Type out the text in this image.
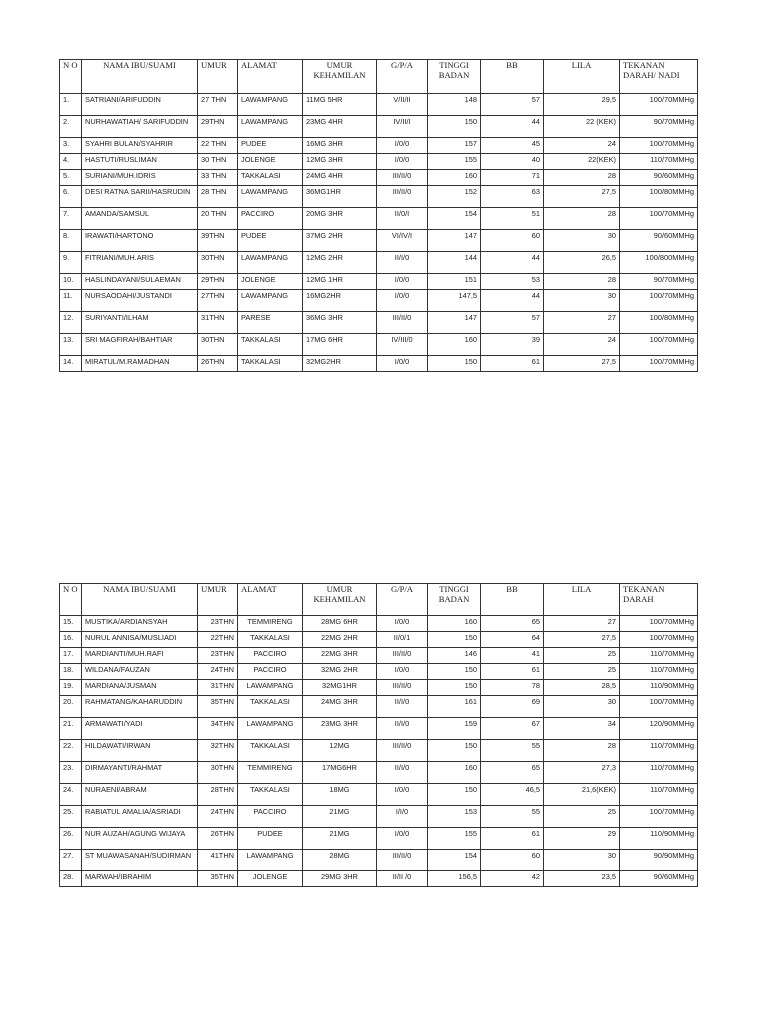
N O	NAMA IBU/SUAMI	UMUR	ALAMAT	UMUR KEHAMILAN	G/P/A	TINGGI BADAN	BB	LILA	TEKANAN DARAH/ NADI
1.	SATRIANI/ARIFUDDIN	27 THN	LAWAMPANG	11MG 5HR	V/II/II	148	57	29,5	100/70MMHg
2.	NURHAWATIAH/ SARIFUDDIN	29THN	LAWAMPANG	23MG 4HR	IV/II/I	150	44	22 (KEK)	90/70MMHg
3.	SYAHRI BULAN/SYAHRIR	22 THN	PUDEE	16MG 3HR	I/0/0	157	45	24	100/70MMHg
4.	HASTUTI/RUSLIMAN	30 THN	JOLENGE	12MG 3HR	I/0/0	155	40	22(KEK)	110/70MMHg
5.	SURIANI/MUH.IDRIS	33 THN	TAKKALASI	24MG 4HR	III/II/0	160	71	28	90/60MMHg
6.	DESI RATNA SARII/HASRUDIN	28 THN	LAWAMPANG	36MG1HR	III/II/0	152	63	27,5	100/80MMHg
7.	AMANDA/SAMSUL	20 THN	PACCIRO	20MG 3HR	II/0/I	154	51	28	100/70MMHg
8.	IRAWATI/HARTONO	39THN	PUDEE	37MG 2HR	VI/IV/I	147	60	30	90/60MMHg
9.	FITRIANI/MUH.ARIS	30THN	LAWAMPANG	12MG 2HR	II/I/0	144	44	26,5	100/800MMHg
10.	HASLINDAYANI/SULAEMAN	29THN	JOLENGE	12MG 1HR	I/0/0	151	53	28	90/70MMHg
11.	NURSAODAHI/JUSTANDI	27THN	LAWAMPANG	16MG2HR	I/0/0	147,5	44	30	100/70MMHg
12.	SURIYANTI/ILHAM	31THN	PARESE	36MG 3HR	III/II/0	147	57	27	100/80MMHg
13.	SRI MAGFIRAH/BAHTIAR	30THN	TAKKALASI	17MG 6HR	IV/III/0	160	39	24	100/70MMHg
14.	MIRATUL/M.RAMADHAN	26THN	TAKKALASI	32MG2HR	I/0/0	150	61	27,5	100/70MMHg
N O	NAMA IBU/SUAMI	UMUR	ALAMAT	UMUR KEHAMILAN	G/P/A	TINGGI BADAN	BB	LILA	TEKANAN DARAH
15.	MUSTIKA/ARDIANSYAH	23THN	TEMMIRENG	28MG 6HR	I/0/0	160	65	27	100/70MMHg
16.	NURUL ANNISA/MUSLIADI	22THN	TAKKALASI	22MG 2HR	II/0/1	150	64	27,5	100/70MMHg
17.	MARDIANTI/MUH.RAFI	23THN	PACCIRO	22MG 3HR	III/II/0	146	41	25	110/70MMHg
18.	WILDANA/FAUZAN	24THN	PACCIRO	32MG 2HR	I/0/0	150	61	25	110/70MMHg
19.	MARDIANA/JUSMAN	31THN	LAWAMPANG	32MG1HR	III/II/0	150	78	28,5	110/90MMHg
20.	RAHMATANG/KAHARUDDIN	35THN	TAKKALASI	24MG 3HR	II/I/0	161	69	30	100/70MMHg
21.	ARMAWATI/YADI	34THN	LAWAMPANG	23MG 3HR	II/I/0	159	67	34	120/90MMHg
22.	HILDAWATI/IRWAN	32THN	TAKKALASI	12MG	III/II/0	150	55	28	110/70MMHg
23.	DIRMAYANTI/RAHMAT	30THN	TEMMIRENG	17MG6HR	II/I/0	160	65	27,3	110/70MMHg
24.	NURAENI/ABRAM	28THN	TAKKALASI	18MG	I/0/0	150	46,5	21,6(KEK)	110/70MMHg
25.	RABIATUL AMALIA/ASRIADI	24THN	PACCIRO	21MG	I/I/0	153	55	25	100/70MMHg
26.	NUR AUZAH/AGUNG WIJAYA	26THN	PUDEE	21MG	I/0/0	155	61	29	110/90MMHg
27.	ST MUAWASANAH/SUDIRMAN	41THN	LAWAMPANG	28MG	III/II/0	154	60	30	90/90MMHg
28.	MARWAH/IBRAHIM	35THN	JOLENGE	29MG 3HR	II/II /0	156,5	42	23,5	90/60MMHg
